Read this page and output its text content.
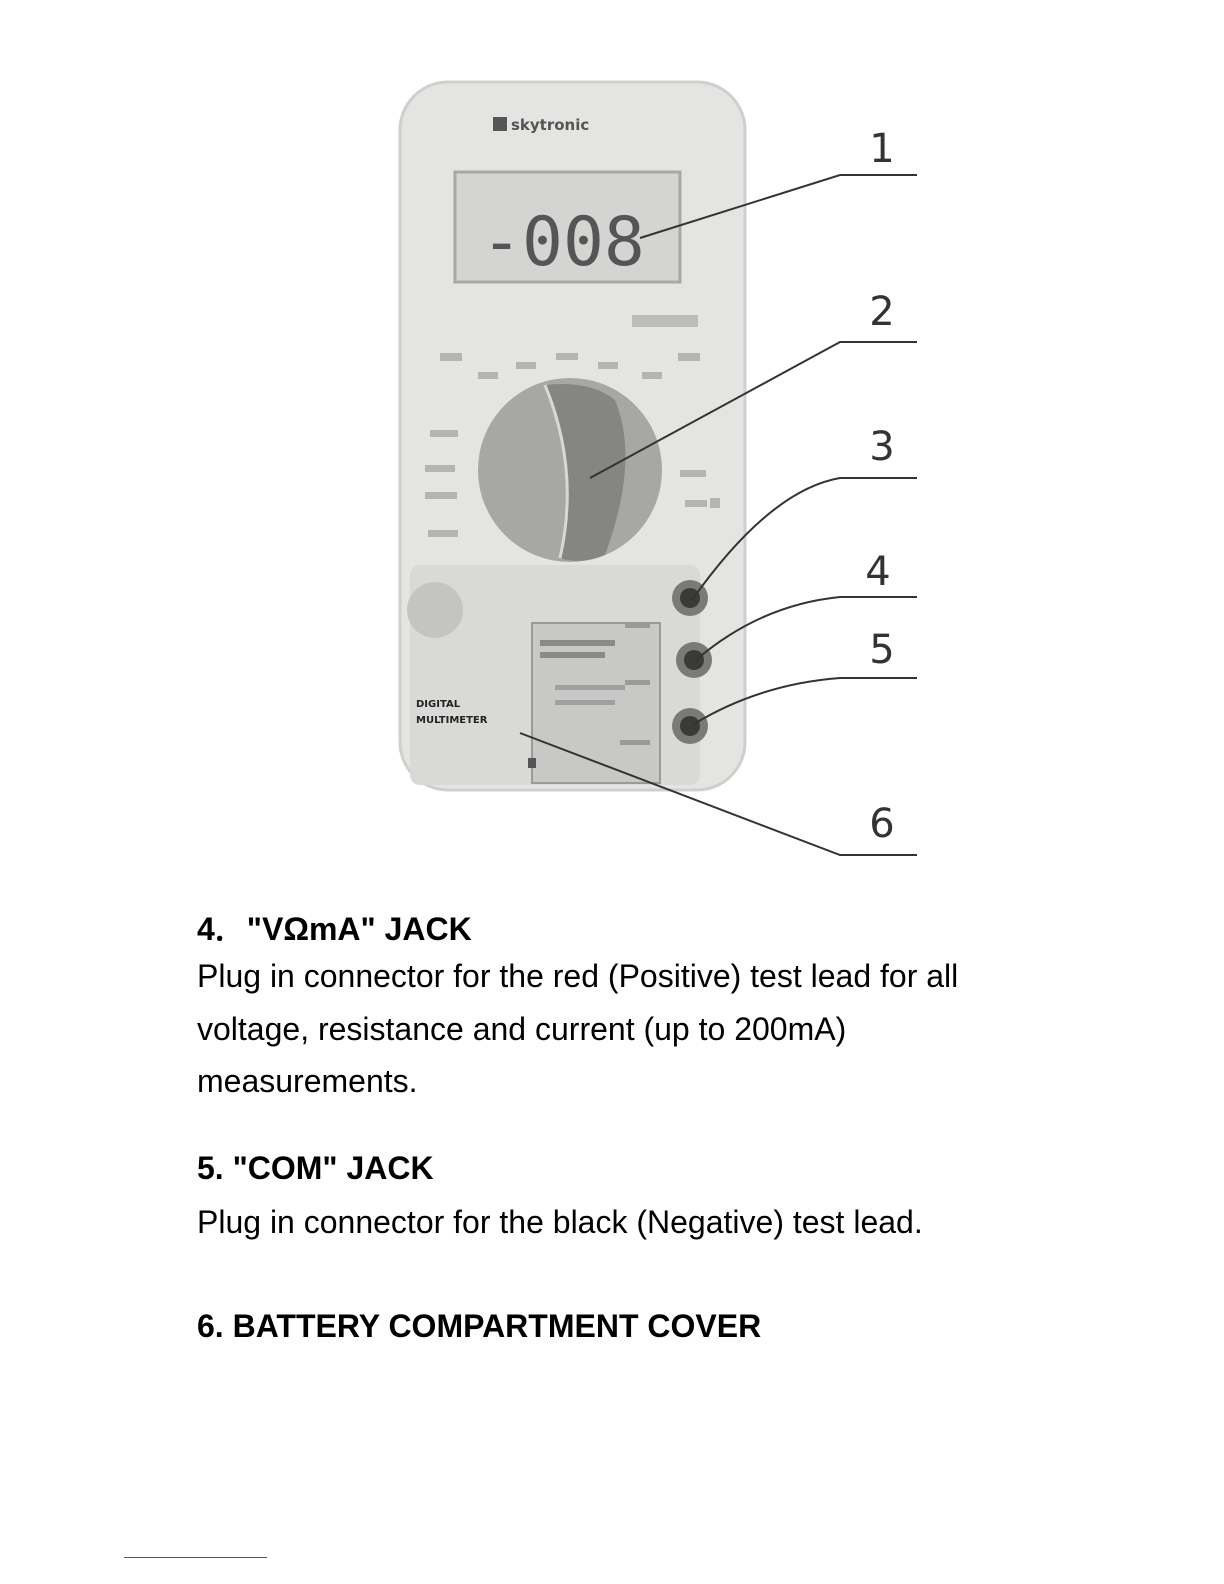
skytronic
-008
DIGITAL
MULTIMETER
1
2
3
4
5
6
4．"VΩmA" JACK

Plug in connector for the red (Positive) test lead for all voltage, resistance and current (up to 200mA) measurements.

5. "COM" JACK

Plug in connector for the black (Negative) test lead.

6. BATTERY COMPARTMENT COVER
